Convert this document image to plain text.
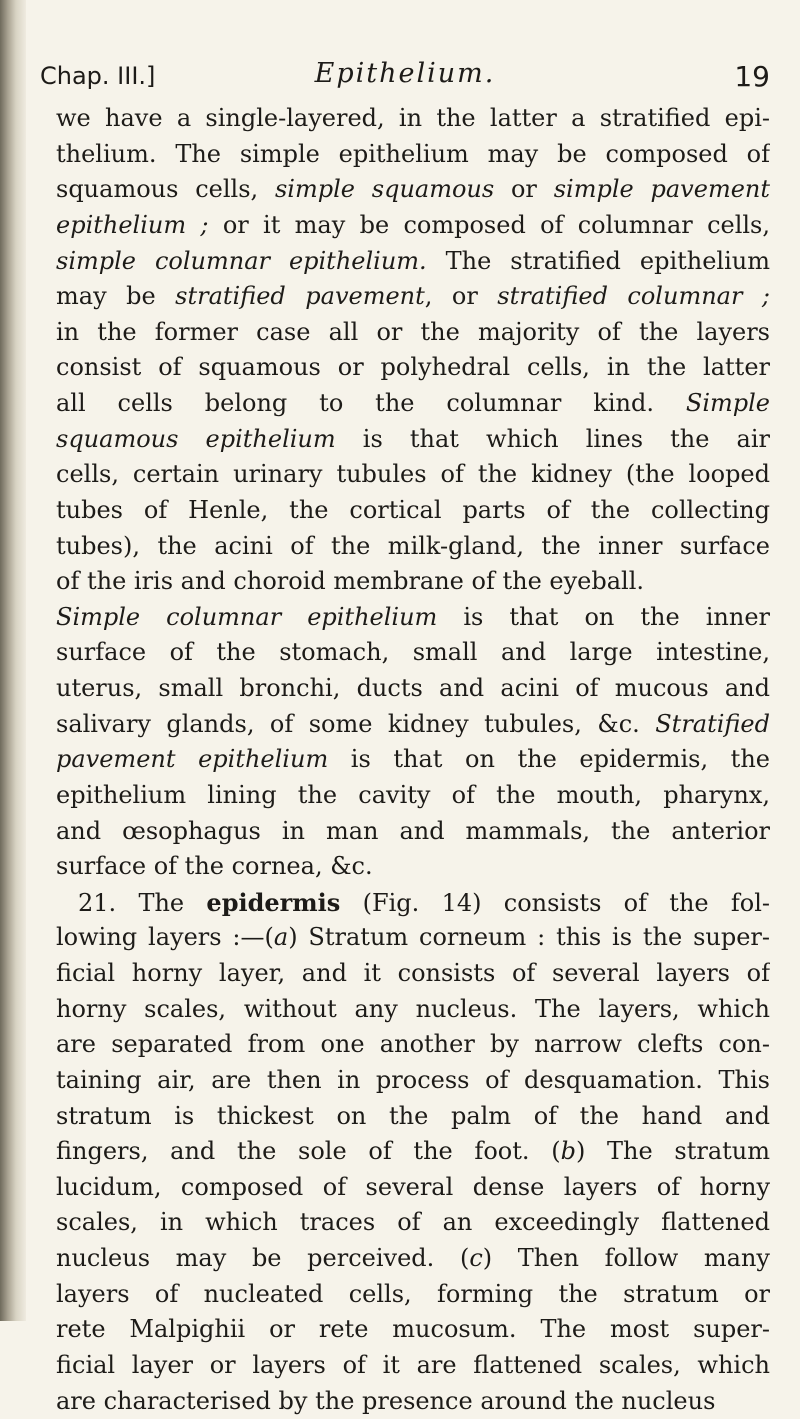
Chap. III.]	Epithelium.	19
we have a single-layered, in the latter a stratified epi-
thelium. The simple epithelium may be composed of
squamous cells, simple squamous or simple pavement
epithelium ; or it may be composed of columnar cells,
simple columnar epithelium. The stratified epithelium
may be stratified pavement, or stratified columnar ;
in the former case all or the majority of the layers
consist of squamous or polyhedral cells, in the latter
all cells belong to the columnar kind. Simple
squamous epithelium is that which lines the air
cells, certain urinary tubules of the kidney (the looped
tubes of Henle, the cortical parts of the collecting
tubes), the acini of the milk-gland, the inner surface
of the iris and choroid membrane of the eyeball.
Simple columnar epithelium is that on the inner
surface of the stomach, small and large intestine,
uterus, small bronchi, ducts and acini of mucous and
salivary glands, of some kidney tubules, &c. Stratified
pavement epithelium is that on the epidermis, the
epithelium lining the cavity of the mouth, pharynx,
and œsophagus in man and mammals, the anterior
surface of the cornea, &c.
21. The epidermis (Fig. 14) consists of the fol-
lowing layers :—(a) Stratum corneum : this is the super-
ficial horny layer, and it consists of several layers of
horny scales, without any nucleus. The layers, which
are separated from one another by narrow clefts con-
taining air, are then in process of desquamation. This
stratum is thickest on the palm of the hand and
fingers, and the sole of the foot. (b) The stratum
lucidum, composed of several dense layers of horny
scales, in which traces of an exceedingly flattened
nucleus may be perceived. (c) Then follow many
layers of nucleated cells, forming the stratum or
rete Malpighii or rete mucosum. The most super-
ficial layer or layers of it are flattened scales, which
are characterised by the presence around the nucleus
